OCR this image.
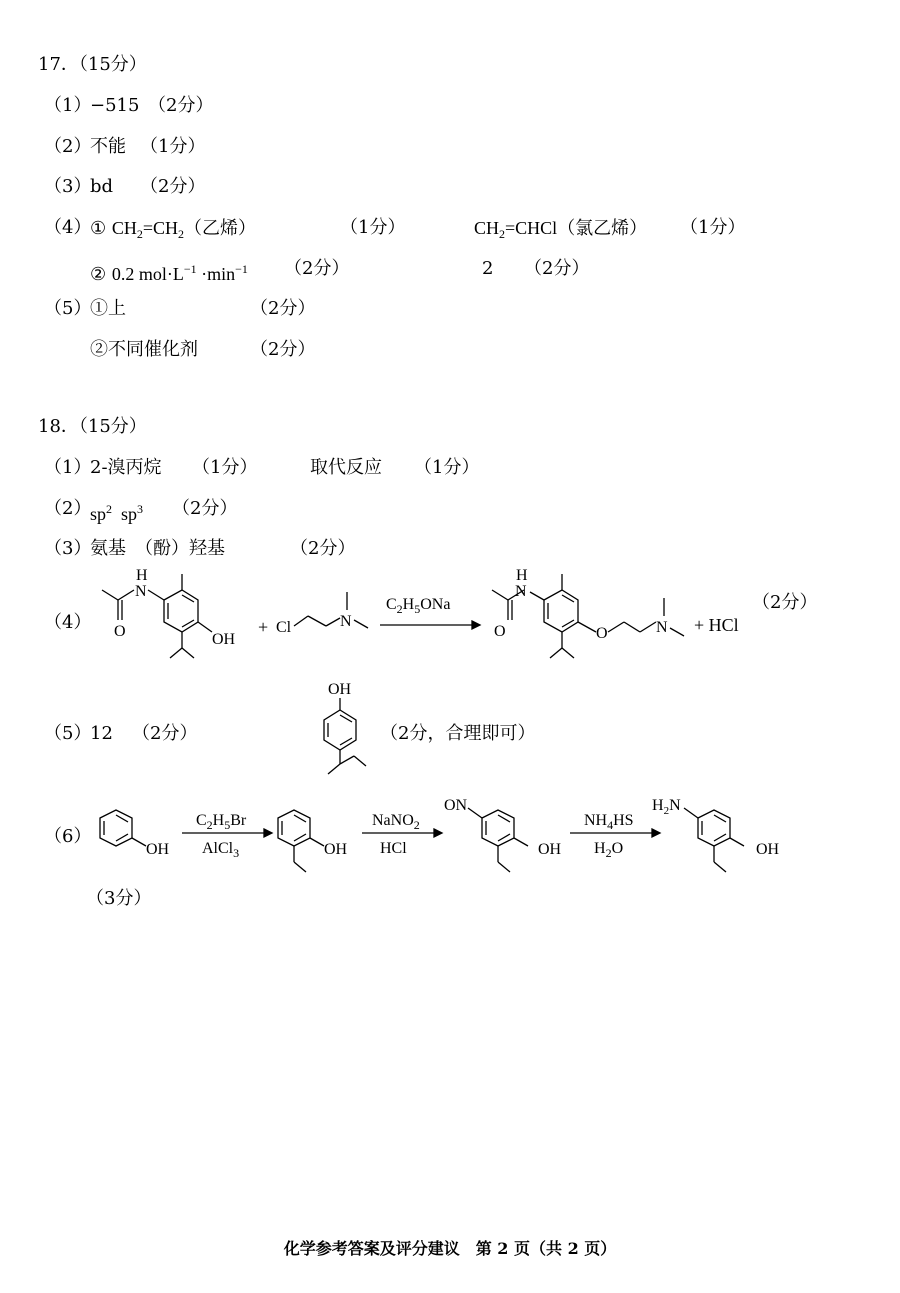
17．（15分）
（1）
−515 （2分）
（2）
不能 （1分）
（3）
bd （2分）
（4）
① $CH_2=CH_2$（乙烯）	（1分）	$CH_2=CHCl$（氯乙烯） （1分）
② 0.2 $mol\cdot L^{-1} \cdot\min^{-1}$ （2分）	2 （2分）
（5）
①上	（2分）
②不同催化剂	（2分）
18．（15分）
（1）
2-溴丙烷 （1分）	取代反应 （1分）
（2）
$sp^2$ $sp^3$ （2分）
（3）
氨基　（酚）羟基	（2分）
（4）
N
H
O	OH
+ Cl	N
$C_2H_5ONa$
N
H
O	O	N + HCl
（2分）
（5）
12 （2分）
OH
（2分，合理即可）
（6）
OH
$C_2H_5Br$
AlCl$_3$	OH
NaNO$_2$
HCl
ON
OH
$NH_4HS$
$H_2O$
$H_2N$
OH
（3分）
化学参考答案及评分建议　第 2 页（共 2 页）
